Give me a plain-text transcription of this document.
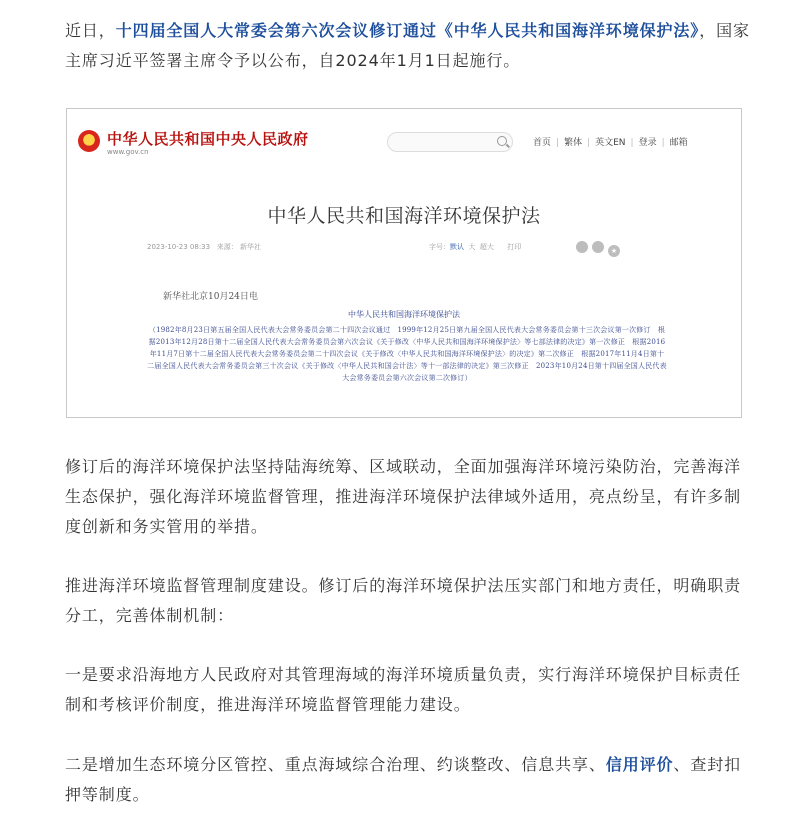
近日，十四届全国人大常委会第六次会议修订通过《中华人民共和国海洋环境保护法》，国家主席习近平签署主席令予以公布，自2024年1月1日起施行。
★
中华人民共和国中央人民政府
www.gov.cn
首页 | 繁体 | 英文EN | 登录 | 邮箱
中华人民共和国海洋环境保护法
2023-10-23 08:33 来源： 新华社	字号：默认 大 超大 打印	★
新华社北京10月24日电
中华人民共和国海洋环境保护法
（1982年8月23日第五届全国人民代表大会常务委员会第二十四次会议通过　1999年12月25日第九届全国人民代表大会常务委员会第十三次会议第一次修订　根据2013年12月28日第十二届全国人民代表大会常务委员会第六次会议《关于修改〈中华人民共和国海洋环境保护法〉等七部法律的决定》第一次修正　根据2016年11月7日第十二届全国人民代表大会常务委员会第二十四次会议《关于修改〈中华人民共和国海洋环境保护法〉的决定》第二次修正　根据2017年11月4日第十二届全国人民代表大会常务委员会第三十次会议《关于修改〈中华人民共和国会计法〉等十一部法律的决定》第三次修正　2023年10月24日第十四届全国人民代表大会常务委员会第六次会议第二次修订）
修订后的海洋环境保护法坚持陆海统筹、区域联动，全面加强海洋环境污染防治，完善海洋生态保护，强化海洋环境监督管理，推进海洋环境保护法律域外适用，亮点纷呈，有许多制度创新和务实管用的举措。
推进海洋环境监督管理制度建设。修订后的海洋环境保护法压实部门和地方责任，明确职责分工，完善体制机制：
一是要求沿海地方人民政府对其管理海域的海洋环境质量负责，实行海洋环境保护目标责任制和考核评价制度，推进海洋环境监督管理能力建设。
二是增加生态环境分区管控、重点海域综合治理、约谈整改、信息共享、信用评价、查封扣押等制度。
